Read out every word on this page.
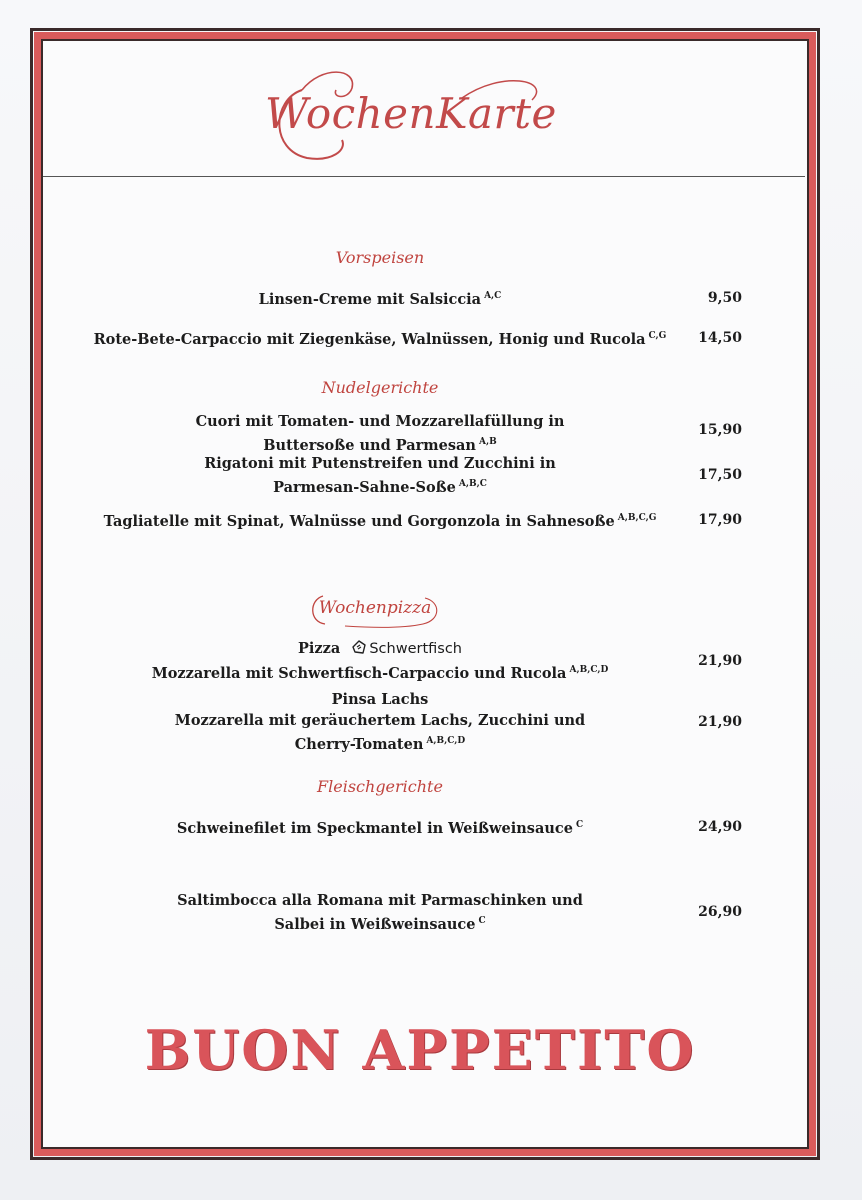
WochenKarte
Vorspeisen
Linsen-Creme mit Salsiccia $^{A,C}$	9,50
Rote-Bete-Carpaccio mit Ziegenkäse, Walnüssen, Honig und Rucola $^{C,G}$	14,50
Nudelgerichte
Cuori mit Tomaten- und Mozzarellafüllung in
Buttersoße und Parmesan $^{A,B}$
15,90
Rigatoni mit Putenstreifen und Zucchini in
Parmesan-Sahne-Soße $^{A,B,C}$
17,50
Tagliatelle mit Spinat, Walnüsse und Gorgonzola in Sahnesoße $^{A,B,C,G}$	17,90
Wochenpizza
Pizza Schwertfisch
Mozzarella mit Schwertfisch-Carpaccio und Rucola $^{A,B,C,D}$
21,90
Pinsa Lachs
Mozzarella mit geräuchertem Lachs, Zucchini und
Cherry-Tomaten $^{A,B,C,D}$
21,90
Fleischgerichte
Schweinefilet im Speckmantel in Weißweinsauce $^C$	24,90
Saltimbocca alla Romana mit Parmaschinken und
Salbei in Weißweinsauce $^C$
26,90
BUON APPETITO
